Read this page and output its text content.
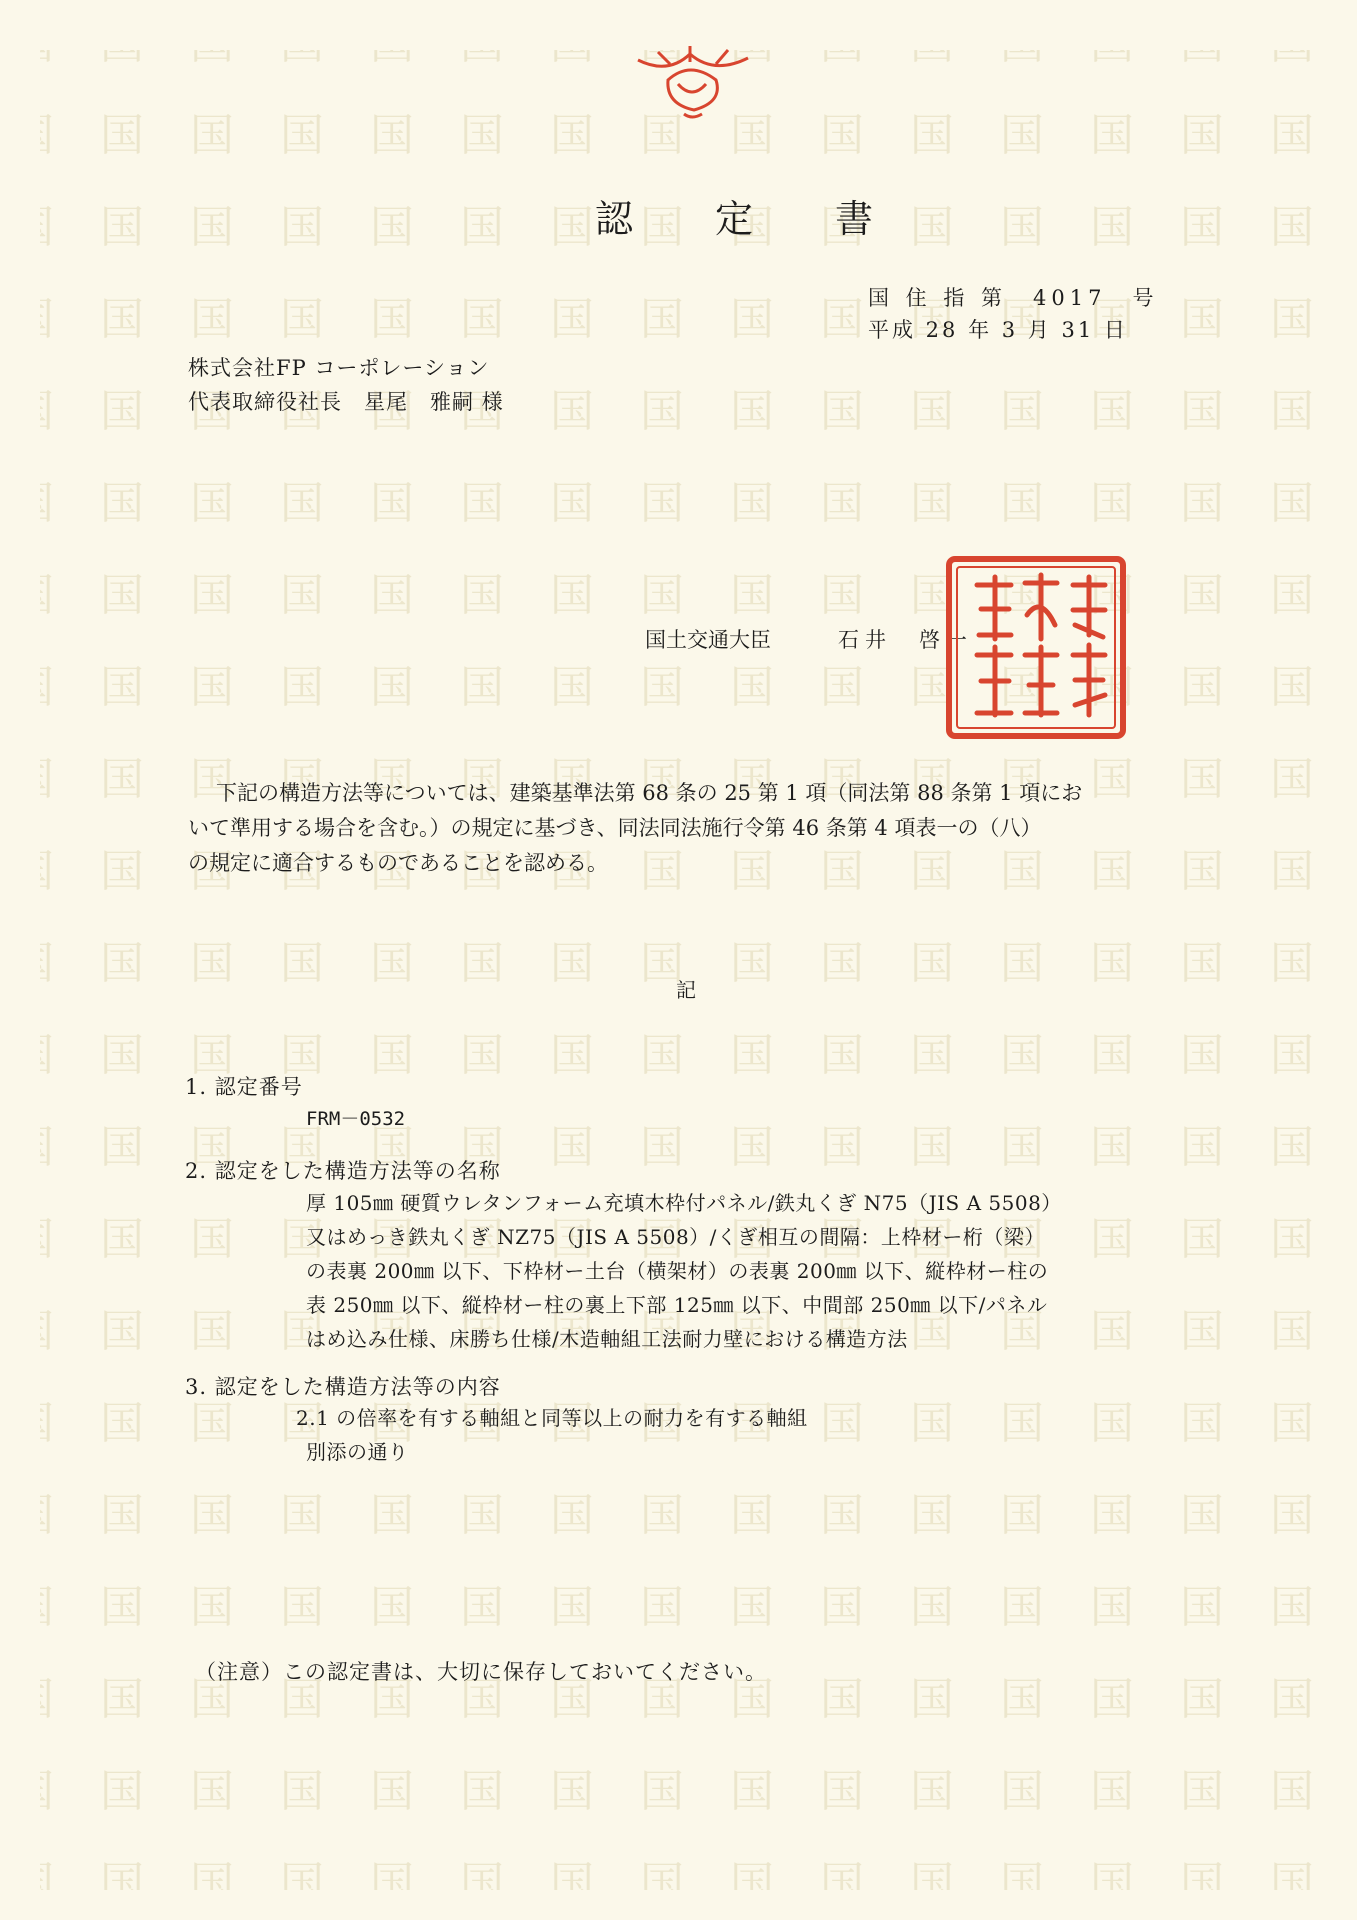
認　定　書
国 住 指 第　4017　号
平成 28 年 3 月 31 日
株式会社FP コーポレーション
代表取締役社長　星尾　雅嗣 様
国土交通大臣	石井　啓一

下記の構造方法等については、建築基準法第 68 条の 25 第 1 項（同法第 88 条第 1 項にお

いて準用する場合を含む。）の規定に基づき、同法同法施行令第 46 条第 4 項表一の（八）

の規定に適合するものであることを認める。

記
1. 認定番号
FRM－0532
2. 認定をした構造方法等の名称
厚 105㎜ 硬質ウレタンフォーム充填木枠付パネル/鉄丸くぎ N75（JIS A 5508）
又はめっき鉄丸くぎ NZ75（JIS A 5508）/くぎ相互の間隔：上枠材ー桁（梁）
の表裏 200㎜ 以下、下枠材ー土台（横架材）の表裏 200㎜ 以下、縦枠材ー柱の
表 250㎜ 以下、縦枠材ー柱の裏上下部 125㎜ 以下、中間部 250㎜ 以下/パネル
はめ込み仕様、床勝ち仕様/木造軸組工法耐力壁における構造方法
3. 認定をした構造方法等の内容
2.1 の倍率を有する軸組と同等以上の耐力を有する軸組
別添の通り
（注意）この認定書は、大切に保存しておいてください。
